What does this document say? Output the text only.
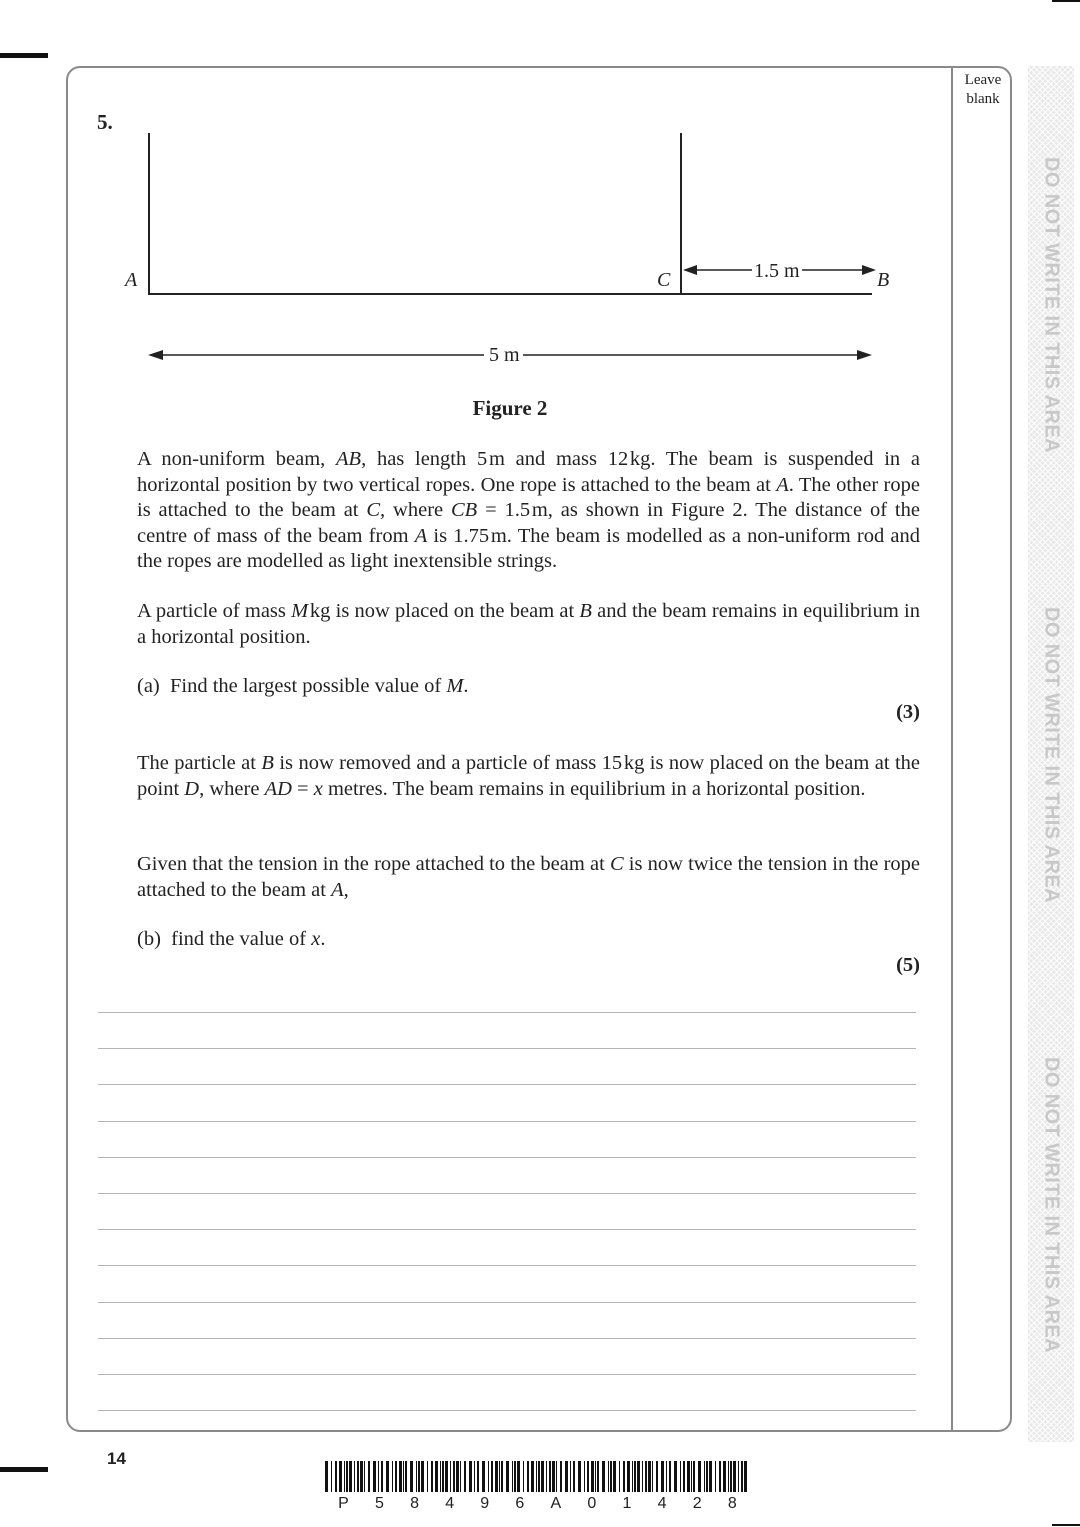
Leave
blank
DO NOT WRITE IN THIS AREA
DO NOT WRITE IN THIS AREA
DO NOT WRITE IN THIS AREA
5.
A	C	B
1.5 m
5 m
Figure 2

A non-uniform beam, AB, has length 5 m and mass 12 kg. The beam is suspended in a horizontal position by two vertical ropes. One rope is attached to the beam at A. The other rope is attached to the beam at C, where CB = 1.5 m, as shown in Figure 2. The distance of the centre of mass of the beam from A is 1.75 m. The beam is modelled as a non-uniform rod and the ropes are modelled as light inextensible strings.

A particle of mass M kg is now placed on the beam at B and the beam remains in equilibrium in a horizontal position.

(a)  Find the largest possible value of M.
(3)

The particle at B is now removed and a particle of mass 15 kg is now placed on the beam at the point D, where AD = x metres. The beam remains in equilibrium in a horizontal position.

Given that the tension in the rope attached to the beam at C is now twice the tension in the rope attached to the beam at A,

(b)  find the value of x.
(5)
14
P 5 8 4 9 6 A 0 1 4 2 8
